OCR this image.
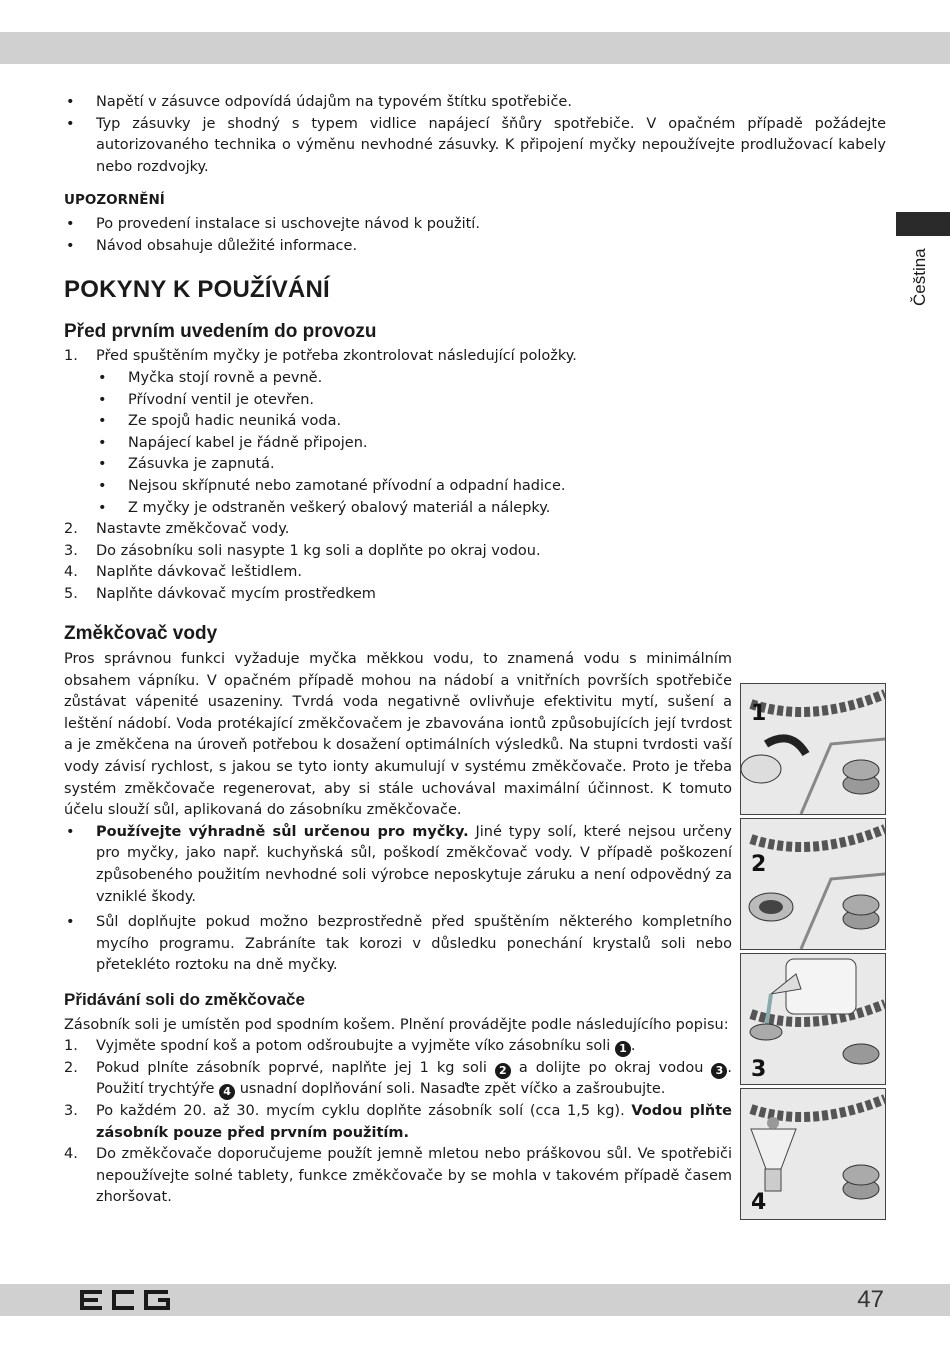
Čeština
• Napětí v zásuvce odpovídá údajům na typovém štítku spotřebiče.
• Typ zásuvky je shodný s typem vidlice napájecí šňůry spotřebiče. V opačném případě požádejte autorizovaného technika o výměnu nevhodné zásuvky. K připojení myčky nepoužívejte prodlužovací kabely nebo rozdvojky.
UPOZORNĚNÍ
• Po provedení instalace si uschovejte návod k použití.
• Návod obsahuje důležité informace.
POKYNY K POUŽÍVÁNÍ
Před prvním uvedením do provozu
1. Před spuštěním myčky je potřeba zkontrolovat následující položky.
• Myčka stojí rovně a pevně.
• Přívodní ventil je otevřen.
• Ze spojů hadic neuniká voda.
• Napájecí kabel je řádně připojen.
• Zásuvka je zapnutá.
• Nejsou skřípnuté nebo zamotané přívodní a odpadní hadice.
• Z myčky je odstraněn veškerý obalový materiál a nálepky.
2. Nastavte změkčovač vody.
3. Do zásobníku soli nasypte 1 kg soli a doplňte po okraj vodou.
4. Naplňte dávkovač leštidlem.
5. Naplňte dávkovač mycím prostředkem
Změkčovač vody

Pros správnou funkci vyžaduje myčka měkkou vodu, to znamená vodu s minimálním obsahem vápníku. V opačném případě mohou na nádobí a vnitřních površích spotřebiče zůstávat vápenité usazeniny. Tvrdá voda negativně ovlivňuje efektivitu mytí, sušení a leštění nádobí. Voda protékající změkčovačem je zbavována iontů způsobujících její tvrdost a je změkčena na úroveň potřebou k dosažení optimálních výsledků. Na stupni tvrdosti vaší vody závisí rychlost, s jakou se tyto ionty akumulují v systému změkčovače. Proto je třeba systém změkčovače regenerovat, aby si stále uchovával maximální účinnost. K tomuto účelu slouží sůl, aplikovaná do zásobníku změkčovače.

• Používejte výhradně sůl určenou pro myčky. Jiné typy solí, které nejsou určeny pro myčky, jako např. kuchyňská sůl, poškodí změkčovač vody. V případě poškození způsobeného použitím nevhodné soli výrobce neposkytuje záruku a není odpovědný za vzniklé škody.
• Sůl doplňujte pokud možno bezprostředně před spuštěním některého kompletního mycího programu. Zabráníte tak korozi v důsledku ponechání krystalů soli nebo přetekléto roztoku na dně myčky.
Přidávání soli do změkčovače

Zásobník soli je umístěn pod spodním košem. Plnění provádějte podle následujícího popisu:

1. Vyjměte spodní koš a potom odšroubujte a vyjměte víko zásobníku soli 1 .
2. Pokud plníte zásobník poprvé, naplňte jej 1 kg soli 2 a dolijte po okraj vodou 3 . Použití trychtýře 4 usnadní doplňování soli. Nasaďte zpět víčko a zašroubujte.
3. Po každém 20. až 30. mycím cyklu doplňte zásobník solí (cca 1,5 kg). Vodou plňte zásobník pouze před prvním použitím.
4. Do změkčovače doporučujeme použít jemně mletou nebo práškovou sůl. Ve spotřebiči nepoužívejte solné tablety, funkce změkčovače by se mohla v takovém případě časem zhoršovat.
1
2
3
4
47
